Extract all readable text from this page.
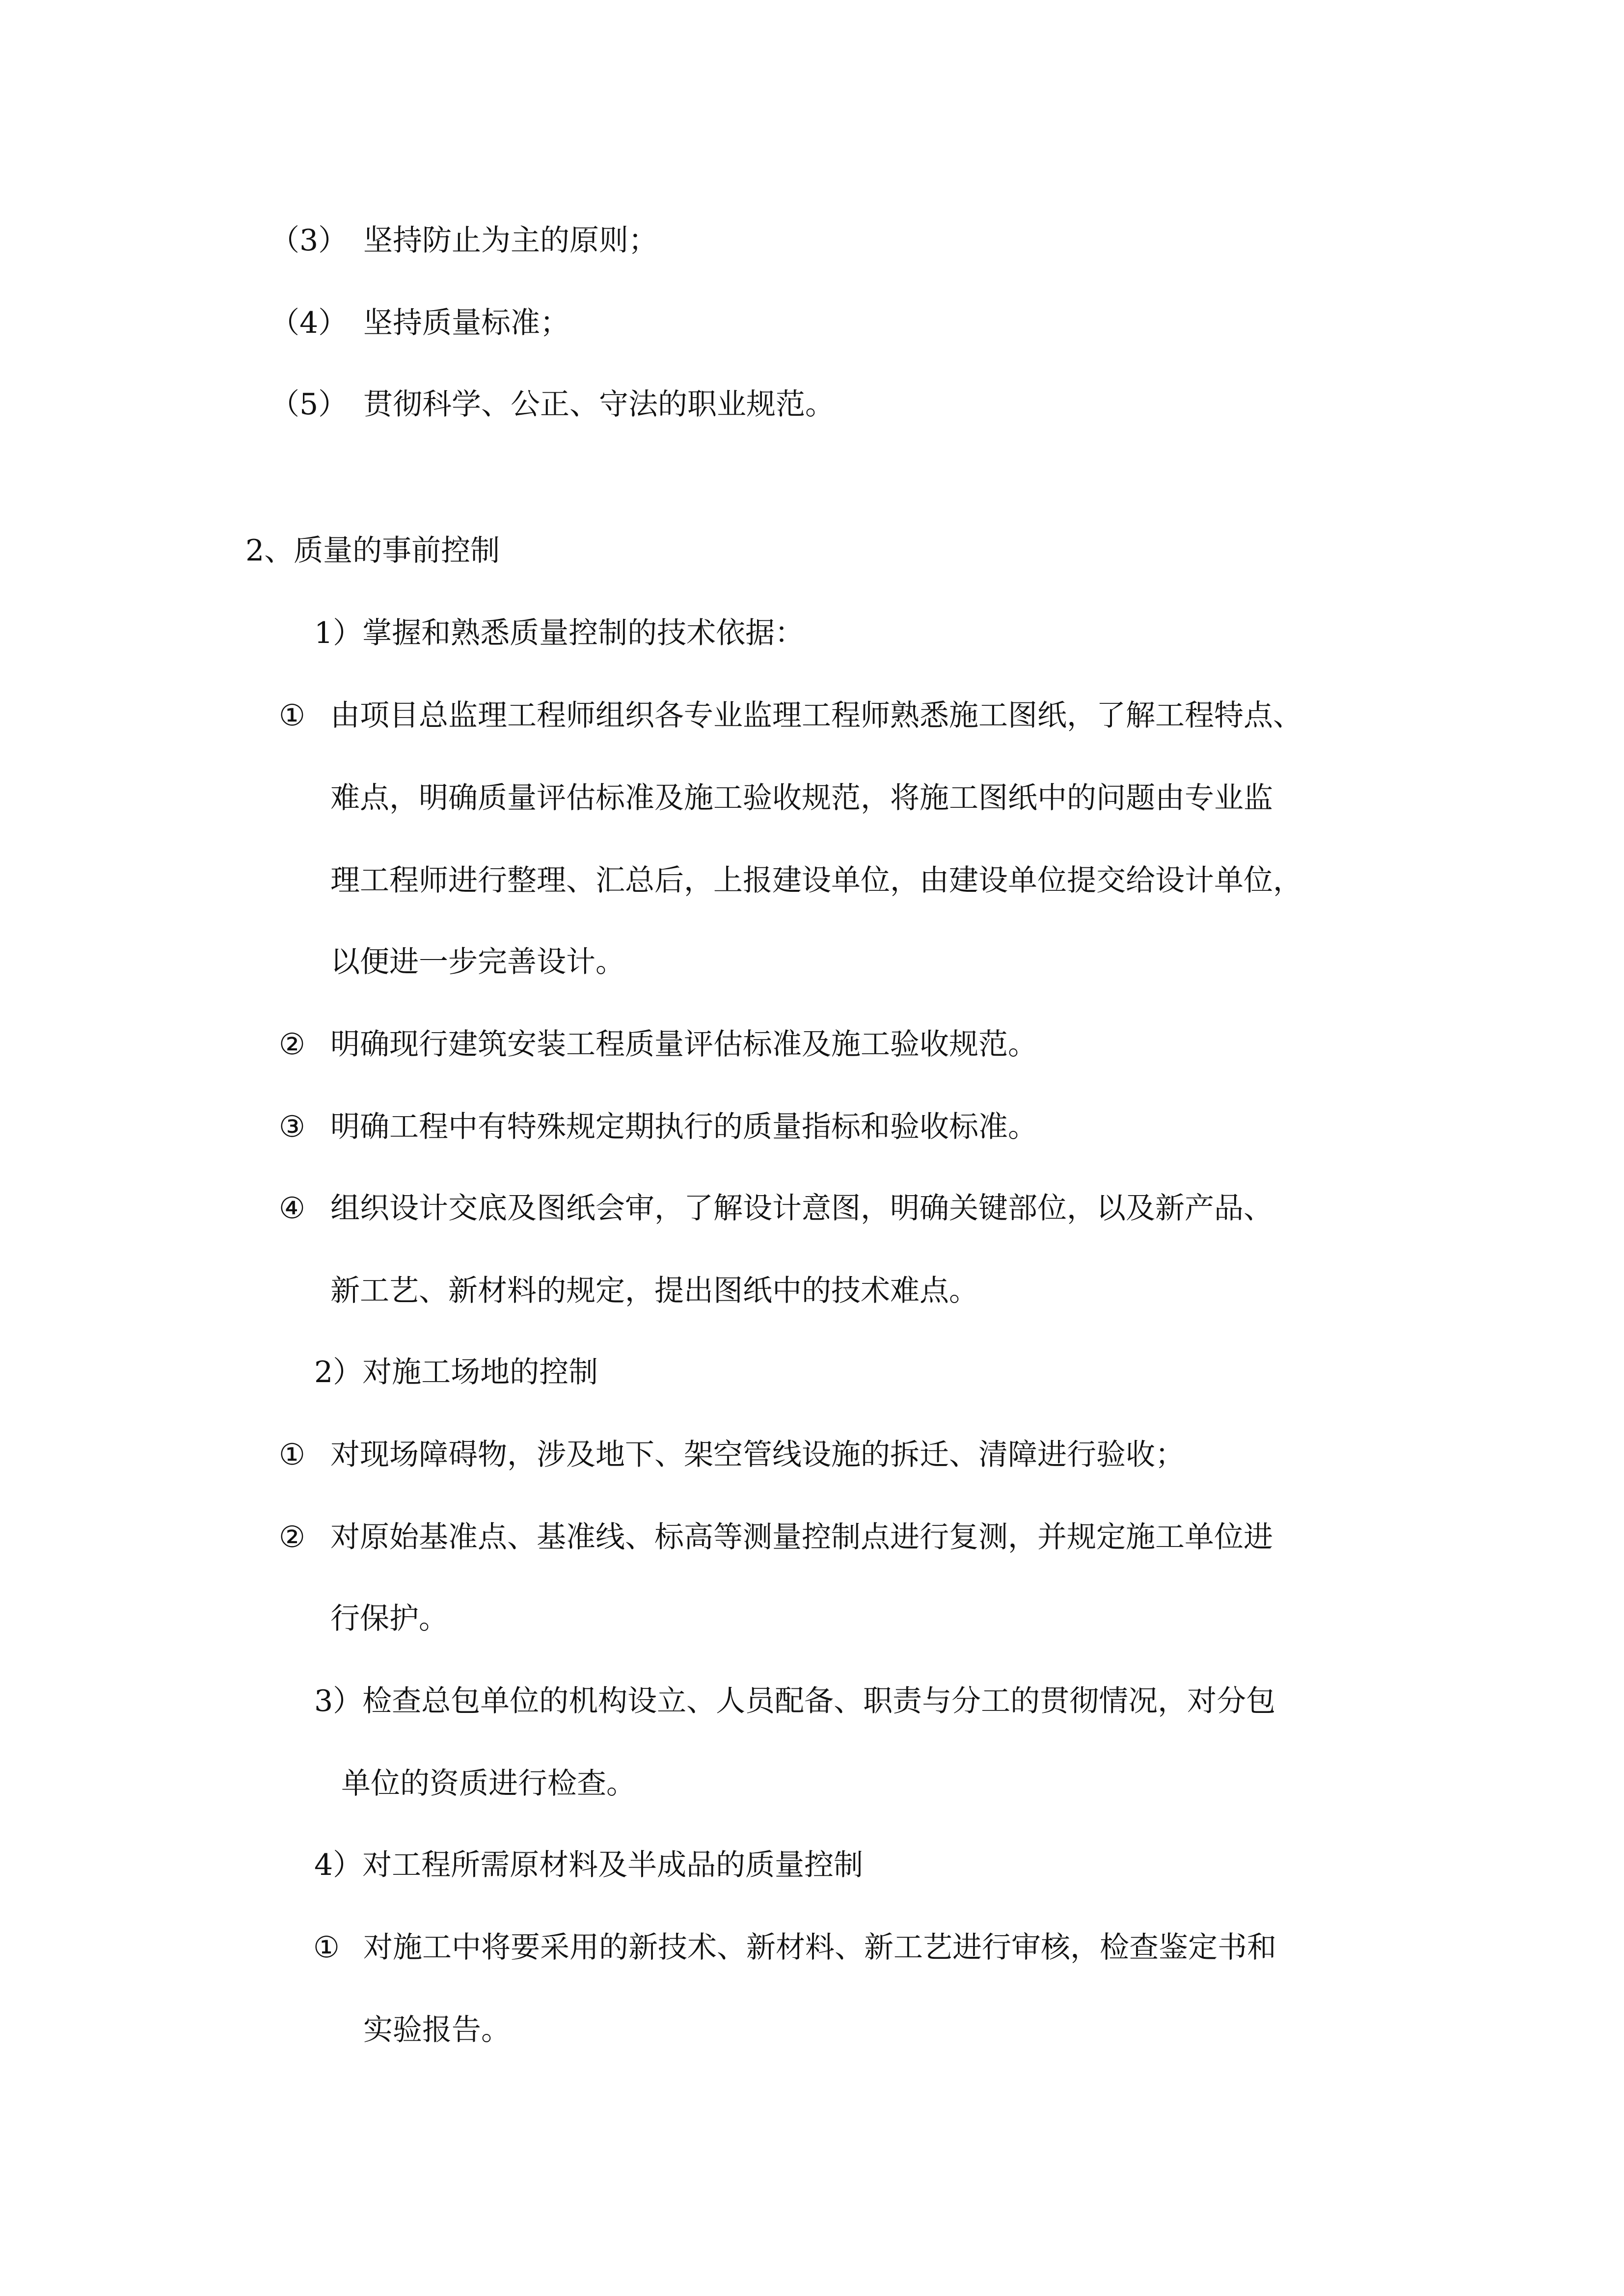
（3） 坚持防止为主的原则；
（4） 坚持质量标准；
（5） 贯彻科学、公正、守法的职业规范。
2、质量的事前控制
1）掌握和熟悉质量控制的技术依据：
① 由项目总监理工程师组织各专业监理工程师熟悉施工图纸，了解工程特点、
难点，明确质量评估标准及施工验收规范，将施工图纸中的问题由专业监
理工程师进行整理、汇总后，上报建设单位，由建设单位提交给设计单位，
以便进一步完善设计。
② 明确现行建筑安装工程质量评估标准及施工验收规范。
③ 明确工程中有特殊规定期执行的质量指标和验收标准。
④ 组织设计交底及图纸会审，了解设计意图，明确关键部位，以及新产品、
新工艺、新材料的规定，提出图纸中的技术难点。
2）对施工场地的控制
① 对现场障碍物，涉及地下、架空管线设施的拆迁、清障进行验收；
② 对原始基准点、基准线、标高等测量控制点进行复测，并规定施工单位进
行保护。
3）检查总包单位的机构设立、人员配备、职责与分工的贯彻情况，对分包
单位的资质进行检查。
4）对工程所需原材料及半成品的质量控制
① 对施工中将要采用的新技术、新材料、新工艺进行审核，检查鉴定书和
实验报告。
